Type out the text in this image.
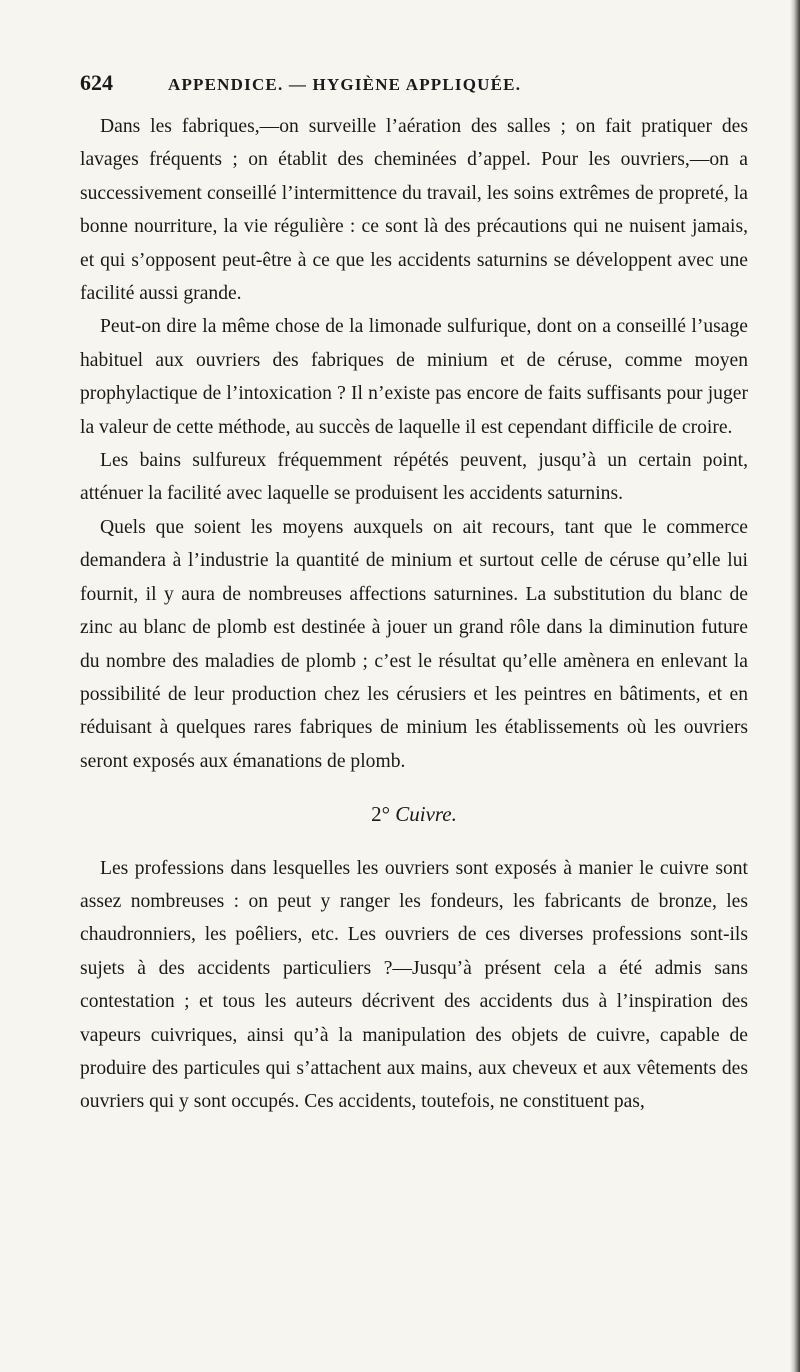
624	APPENDICE. — HYGIÈNE APPLIQUÉE.

Dans les fabriques,—on surveille l’aération des salles ; on fait pratiquer des lavages fréquents ; on établit des cheminées d’appel. Pour les ouvriers,—on a successivement conseillé l’intermittence du travail, les soins extrêmes de propreté, la bonne nourriture, la vie régulière : ce sont là des précautions qui ne nuisent jamais, et qui s’opposent peut-être à ce que les accidents saturnins se développent avec une facilité aussi grande.

Peut-on dire la même chose de la limonade sulfurique, dont on a conseillé l’usage habituel aux ouvriers des fabriques de minium et de céruse, comme moyen prophylactique de l’intoxication ? Il n’existe pas encore de faits suffisants pour juger la valeur de cette méthode, au succès de laquelle il est cependant difficile de croire.

Les bains sulfureux fréquemment répétés peuvent, jusqu’à un certain point, atténuer la facilité avec laquelle se produisent les accidents saturnins.

Quels que soient les moyens auxquels on ait recours, tant que le commerce demandera à l’industrie la quantité de minium et surtout celle de céruse qu’elle lui fournit, il y aura de nombreuses affections saturnines. La substitution du blanc de zinc au blanc de plomb est destinée à jouer un grand rôle dans la diminution future du nombre des maladies de plomb ; c’est le résultat qu’elle amènera en enlevant la possibilité de leur production chez les cérusiers et les peintres en bâtiments, et en réduisant à quelques rares fabriques de minium les établissements où les ouvriers seront exposés aux émanations de plomb.

2° Cuivre.

Les professions dans lesquelles les ouvriers sont exposés à manier le cuivre sont assez nombreuses : on peut y ranger les fondeurs, les fabricants de bronze, les chaudronniers, les poêliers, etc. Les ouvriers de ces diverses professions sont-ils sujets à des accidents particuliers ?—Jusqu’à présent cela a été admis sans contestation ; et tous les auteurs décrivent des accidents dus à l’inspiration des vapeurs cuivriques, ainsi qu’à la manipulation des objets de cuivre, capable de produire des particules qui s’attachent aux mains, aux cheveux et aux vêtements des ouvriers qui y sont occupés. Ces accidents, toutefois, ne constituent pas,
